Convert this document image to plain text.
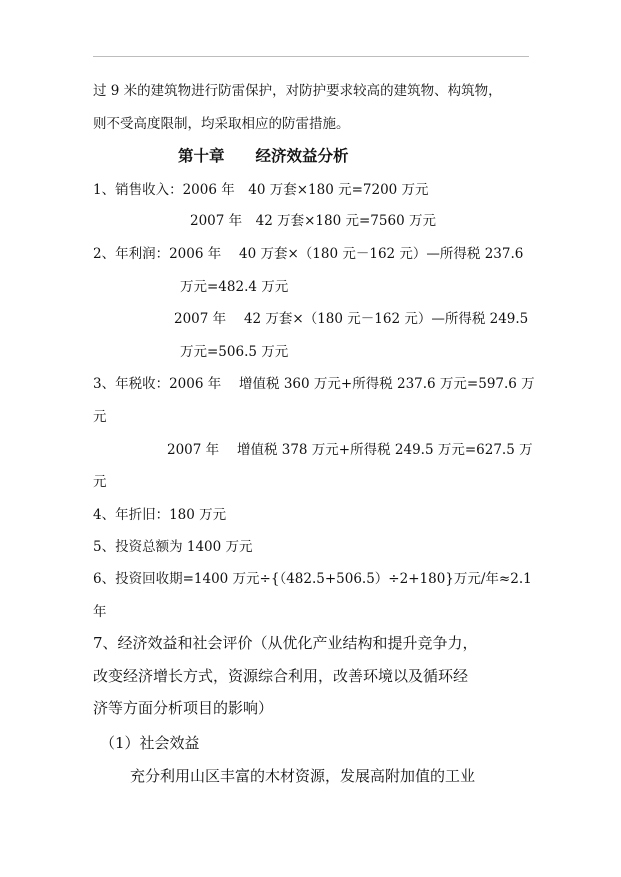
过 9 米的建筑物进行防雷保护，对防护要求较高的建筑物、构筑物，
则不受高度限制，均采取相应的防雷措施。
第十章　　经济效益分析
1、销售收入：2006 年　40 万套×180 元=7200 万元
2007 年　42 万套×180 元=7560 万元
2、年利润：2006 年　 40 万套×（180 元－162 元）—所得税 237.6
万元=482.4 万元
2007 年　 42 万套×（180 元－162 元）—所得税 249.5
万元=506.5 万元
3、年税收：2006 年　 增值税 360 万元+所得税 237.6 万元=597.6 万
元
2007 年　 增值税 378 万元+所得税 249.5 万元=627.5 万
元
4、年折旧：180 万元
5、投资总额为 1400 万元
6、投资回收期=1400 万元÷{（482.5+506.5）÷2+180}万元/年≈2.1
年
7、经济效益和社会评价（从优化产业结构和提升竞争力，
改变经济增长方式，资源综合利用，改善环境以及循环经
济等方面分析项目的影响）
（1）社会效益
充分利用山区丰富的木材资源，发展高附加值的工业
